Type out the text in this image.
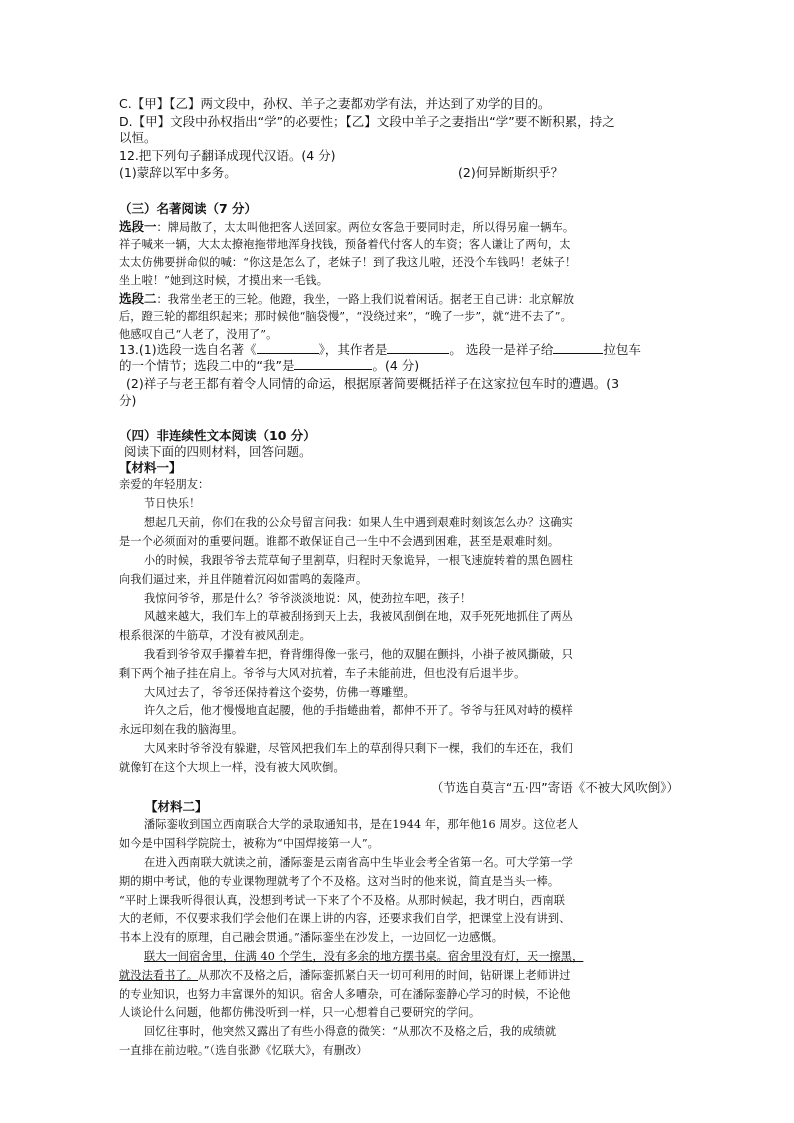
C.【甲】【乙】两文段中，孙权、羊子之妻都劝学有法，并达到了劝学的目的。
D.【甲】文段中孙权指出“学”的必要性；【乙】文段中羊子之妻指出“学”要不断积累，持之
以恒。
12.把下列句子翻译成现代汉语。(4 分)
(1)蒙辞以军中多务。	(2)何异断斯织乎？
（三）名著阅读（7 分）
选段一：牌局散了，太太叫他把客人送回家。两位女客急于要同时走，所以得另雇一辆车。
祥子喊来一辆，大太太撩袍拖带地浑身找钱，预备着代付客人的车资；客人谦让了两句，太
太太仿佛要拼命似的喊：“你这是怎么了，老妹子！到了我这儿啦，还没个车钱吗！老妹子！
坐上啦！”她到这时候，才摸出来一毛钱。
选段二：我常坐老王的三轮。他蹬，我坐，一路上我们说着闲话。据老王自己讲：北京解放
后，蹬三轮的都组织起来；那时候他“脑袋慢”，“没绕过来”，“晚了一步”，就“进不去了”。
他感叹自己“人老了，没用了”。
13.(1)选段一选自名著《	》，其作者是	。 选段一是祥子给	拉包车
的一个情节；选段二中的“我”是	。(4 分)
(2)祥子与老王都有着令人同情的命运，根据原著简要概括祥子在这家拉包车时的遭遇。(3
分)
（四）非连续性文本阅读（10 分）
阅读下面的四则材料，回答问题。
【材料一】
亲爱的年轻朋友：
节日快乐！
想起几天前，你们在我的公众号留言问我：如果人生中遇到艰难时刻该怎么办？这确实
是一个必须面对的重要问题。谁都不敢保证自己一生中不会遇到困难，甚至是艰难时刻。
小的时候，我跟爷爷去荒草甸子里割草，归程时天象诡异，一根飞速旋转着的黑色圆柱
向我们逼过来，并且伴随着沉闷如雷鸣的轰隆声。
我惊问爷爷，那是什么？爷爷淡淡地说：风，使劲拉车吧，孩子！
风越来越大，我们车上的草被刮扬到天上去，我被风刮倒在地，双手死死地抓住了两丛
根系很深的牛筋草，才没有被风刮走。
我看到爷爷双手攥着车把，脊背绷得像一张弓，他的双腿在颤抖，小褂子被风撕破，只
剩下两个袖子挂在肩上。爷爷与大风对抗着，车子未能前进，但也没有后退半步。
大风过去了，爷爷还保持着这个姿势，仿佛一尊雕塑。
许久之后，他才慢慢地直起腰，他的手指蜷曲着，都伸不开了。爷爷与狂风对峙的模样
永远印刻在我的脑海里。
大风来时爷爷没有躲避，尽管风把我们车上的草刮得只剩下一棵，我们的车还在，我们
就像钉在这个大坝上一样，没有被大风吹倒。
（节选自莫言“五·四”寄语《不被大风吹倒》）
【材料二】
潘际銮收到国立西南联合大学的录取通知书，是在1944 年，那年他16 周岁。这位老人
如今是中国科学院院士，被称为“中国焊接第一人”。
在进入西南联大就读之前，潘际銮是云南省高中生毕业会考全省第一名。可大学第一学
期的期中考试，他的专业课物理就考了个不及格。这对当时的他来说，简直是当头一棒。
“平时上课我听得很认真，没想到考试一下来了个不及格。从那时候起，我才明白，西南联
大的老师，不仅要求我们学会他们在课上讲的内容，还要求我们自学，把课堂上没有讲到、
书本上没有的原理，自己融会贯通。”潘际銮坐在沙发上，一边回忆一边感慨。
联大一间宿舍里，住满 40 个学生，没有多余的地方摆书桌。宿舍里没有灯，天一擦黑，
就没法看书了。从那次不及格之后，潘际銮抓紧白天一切可利用的时间，钻研课上老师讲过
的专业知识，也努力丰富课外的知识。宿舍人多嘈杂，可在潘际銮静心学习的时候，不论他
人谈论什么问题，他都仿佛没听到一样，只一心想着自己要研究的学问。
回忆往事时，他突然又露出了有些小得意的微笑：“从那次不及格之后，我的成绩就
一直排在前边啦。”（选自张渺《忆联大》，有删改）
